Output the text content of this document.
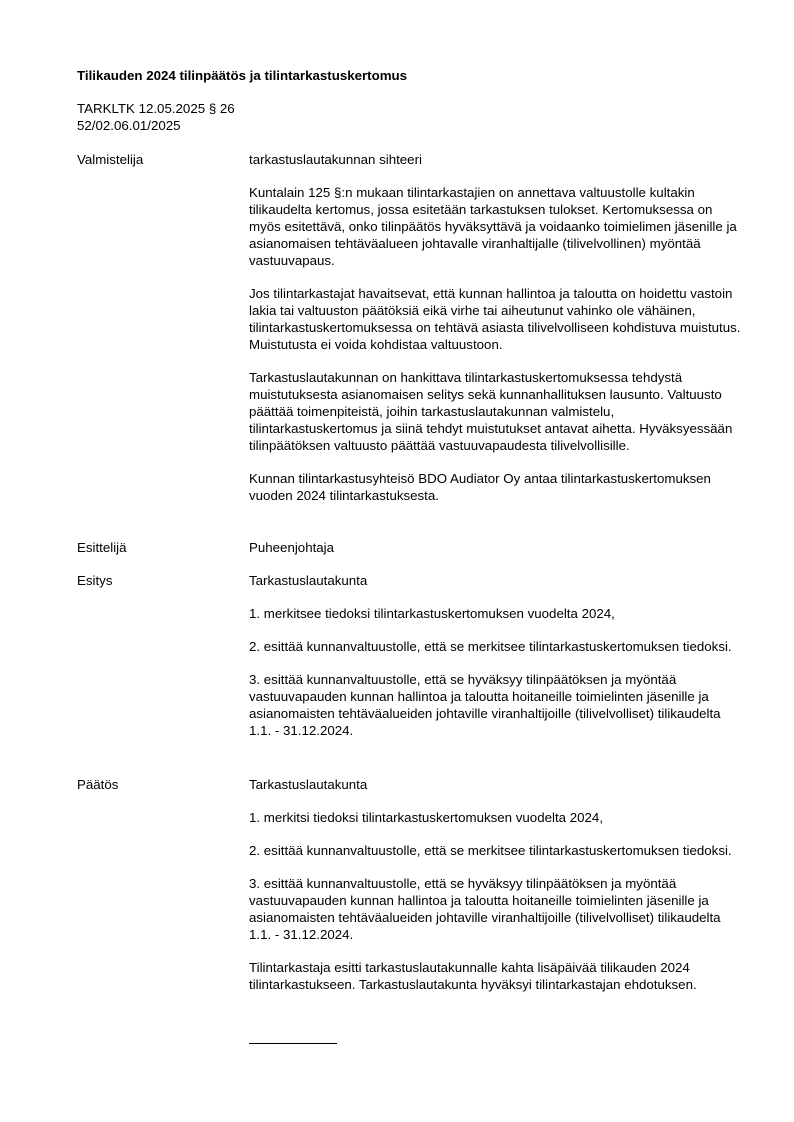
Tilikauden 2024 tilinpäätös ja tilintarkastuskertomus
TARKLTK 12.05.2025 § 26
52/02.06.01/2025
Valmistelija	tarkastuslautakunnan sihteeri

Kuntalain 125 §:n mukaan tilintarkastajien on annettava valtuustolle kultakin tilikaudelta kertomus, jossa esitetään tarkastuksen tulokset. Kertomuksessa on myös esitettävä, onko tilinpäätös hyväksyttävä ja voidaanko toimielimen jäsenille ja asianomaisen tehtäväalueen johtavalle viranhaltijalle (tilivelvollinen) myöntää vastuuvapaus.

Jos tilintarkastajat havaitsevat, että kunnan hallintoa ja taloutta on hoidettu vastoin lakia tai valtuuston päätöksiä eikä virhe tai aiheutunut vahinko ole vähäinen, tilintarkastuskertomuksessa on tehtävä asiasta tilivelvolliseen kohdistuva muistutus. Muistutusta ei voida kohdistaa valtuustoon.

Tarkastuslautakunnan on hankittava tilintarkastuskertomuksessa tehdystä muistutuksesta asianomaisen selitys sekä kunnanhallituksen lausunto. Valtuusto päättää toimenpiteistä, joihin tarkastuslautakunnan valmistelu, tilintarkastuskertomus ja siinä tehdyt muistutukset antavat aihetta. Hyväksyessään tilinpäätöksen valtuusto päättää vastuuvapaudesta tilivelvollisille.

Kunnan tilintarkastusyhteisö BDO Audiator Oy antaa tilintarkastuskertomuksen vuoden 2024 tilintarkastuksesta.

Esittelijä	Puheenjohtaja
Esitys	Tarkastuslautakunta

1. merkitsee tiedoksi tilintarkastuskertomuksen vuodelta 2024,

2. esittää kunnanvaltuustolle, että se merkitsee tilintarkastuskertomuksen tiedoksi.

3. esittää kunnanvaltuustolle, että se hyväksyy tilinpäätöksen ja myöntää vastuuvapauden kunnan hallintoa ja taloutta hoitaneille toimielinten jäsenille ja asianomaisten tehtäväalueiden johtaville viranhaltijoille (tilivelvolliset) tilikaudelta 1.1. - 31.12.2024.

Päätös	Tarkastuslautakunta

1. merkitsi tiedoksi tilintarkastuskertomuksen vuodelta 2024,

2. esittää kunnanvaltuustolle, että se merkitsee tilintarkastuskertomuksen tiedoksi.

3. esittää kunnanvaltuustolle, että se hyväksyy tilinpäätöksen ja myöntää vastuuvapauden kunnan hallintoa ja taloutta hoitaneille toimielinten jäsenille ja asianomaisten tehtäväalueiden johtaville viranhaltijoille (tilivelvolliset) tilikaudelta 1.1. - 31.12.2024.

Tilintarkastaja esitti tarkastuslautakunnalle kahta lisäpäivää tilikauden 2024 tilintarkastukseen. Tarkastuslautakunta hyväksyi tilintarkastajan ehdotuksen.
